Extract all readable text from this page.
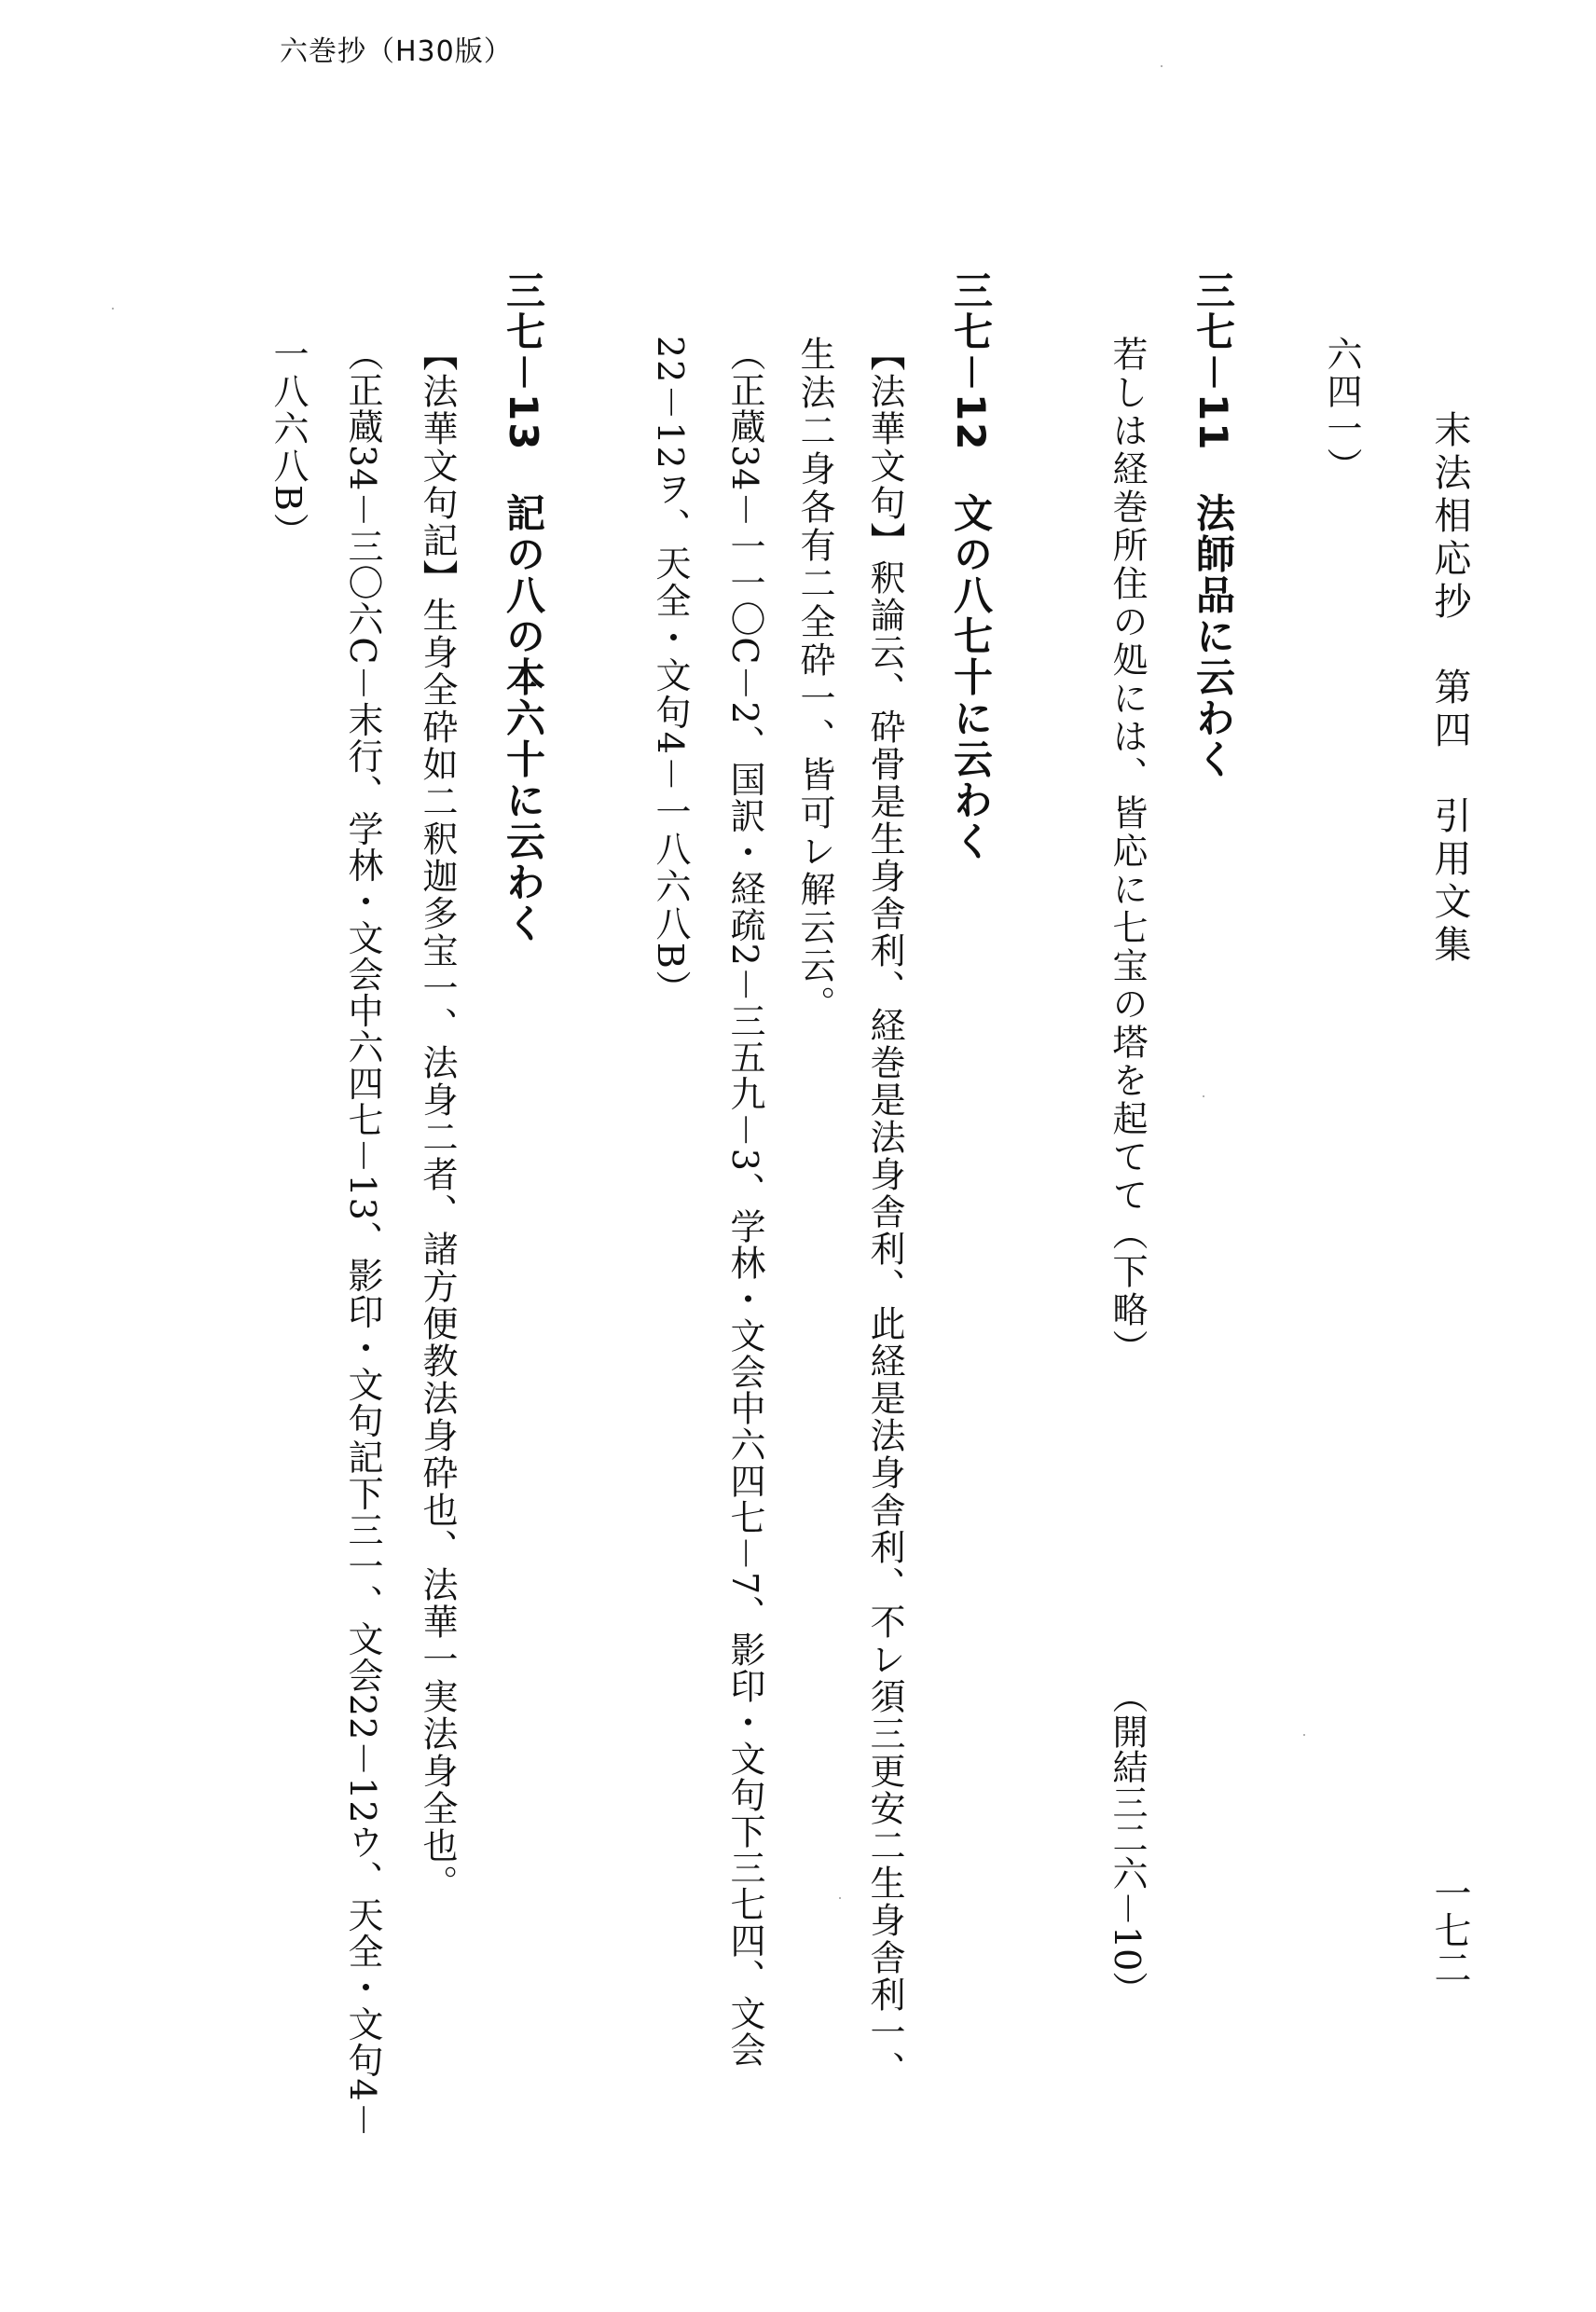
六巻抄（H30版）
末法相応抄　第四　引用文集
一七二
六四一）
三七－11　法師品に云わく
若しは経巻所住の処には、皆応に七宝の塔を起てて（下略）
（開結三二六－10）
三七－12　文の八七十に云わく
【法華文句】釈論云、砕骨是生身舎利、経巻是法身舎利、此経是法身舎利、不レ須三更安二生身舎利一、
生法二身各有二全砕一、皆可レ解云云。
（正蔵34－一一〇C－2、国訳・経疏2－三五九－3、学林・文会中六四七－7、影印・文句下三七四、文会
22－12ヲ、天全・文句4－一八六八B）
三七－13　記の八の本六十に云わく
【法華文句記】生身全砕如二釈迦多宝一、法身二者、諸方便教法身砕也、法華一実法身全也。
（正蔵34－三〇六C－末行、学林・文会中六四七－13、影印・文句記下三一、文会22－12ウ、天全・文句4－
一八六八B）
